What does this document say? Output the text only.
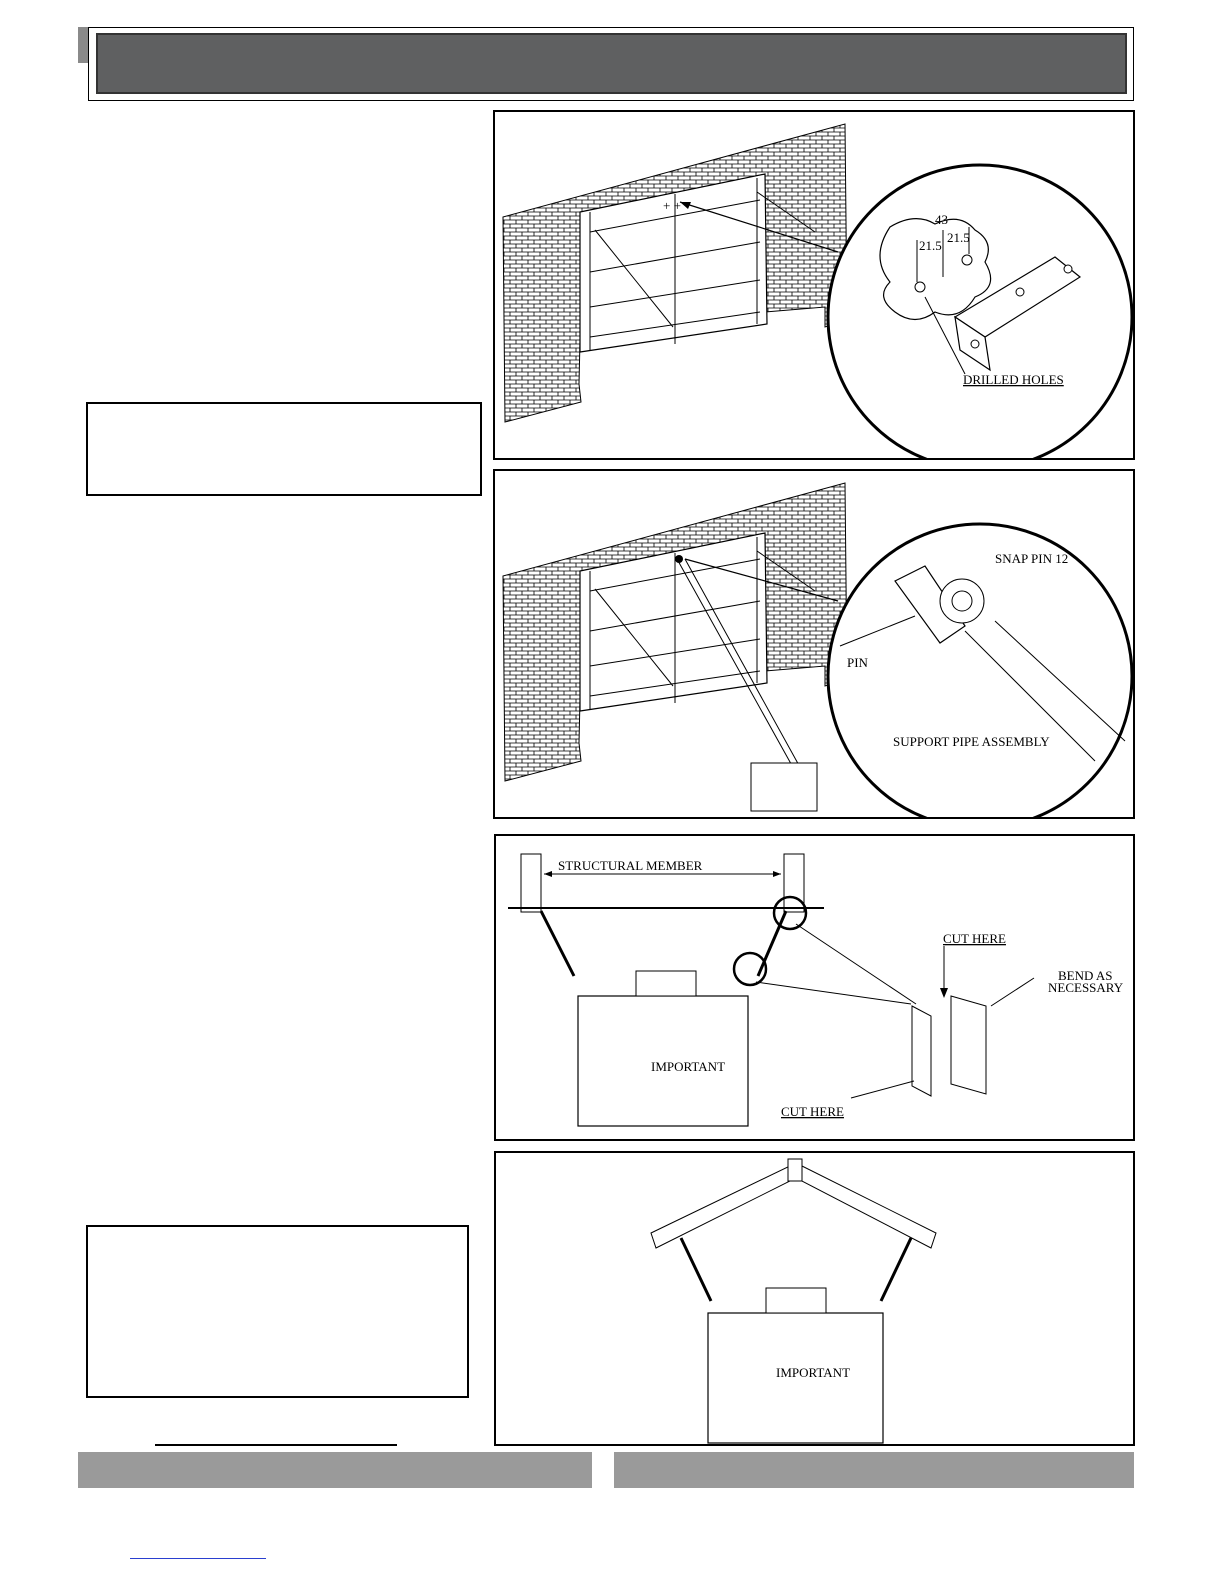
+ +
43
21.5
21.5
DRILLED HOLES
SNAP PIN 12
PIN
SUPPORT PIPE ASSEMBLY
STRUCTURAL MEMBER
IMPORTANT
CUT HERE
BEND AS
NECESSARY
CUT HERE
IMPORTANT
